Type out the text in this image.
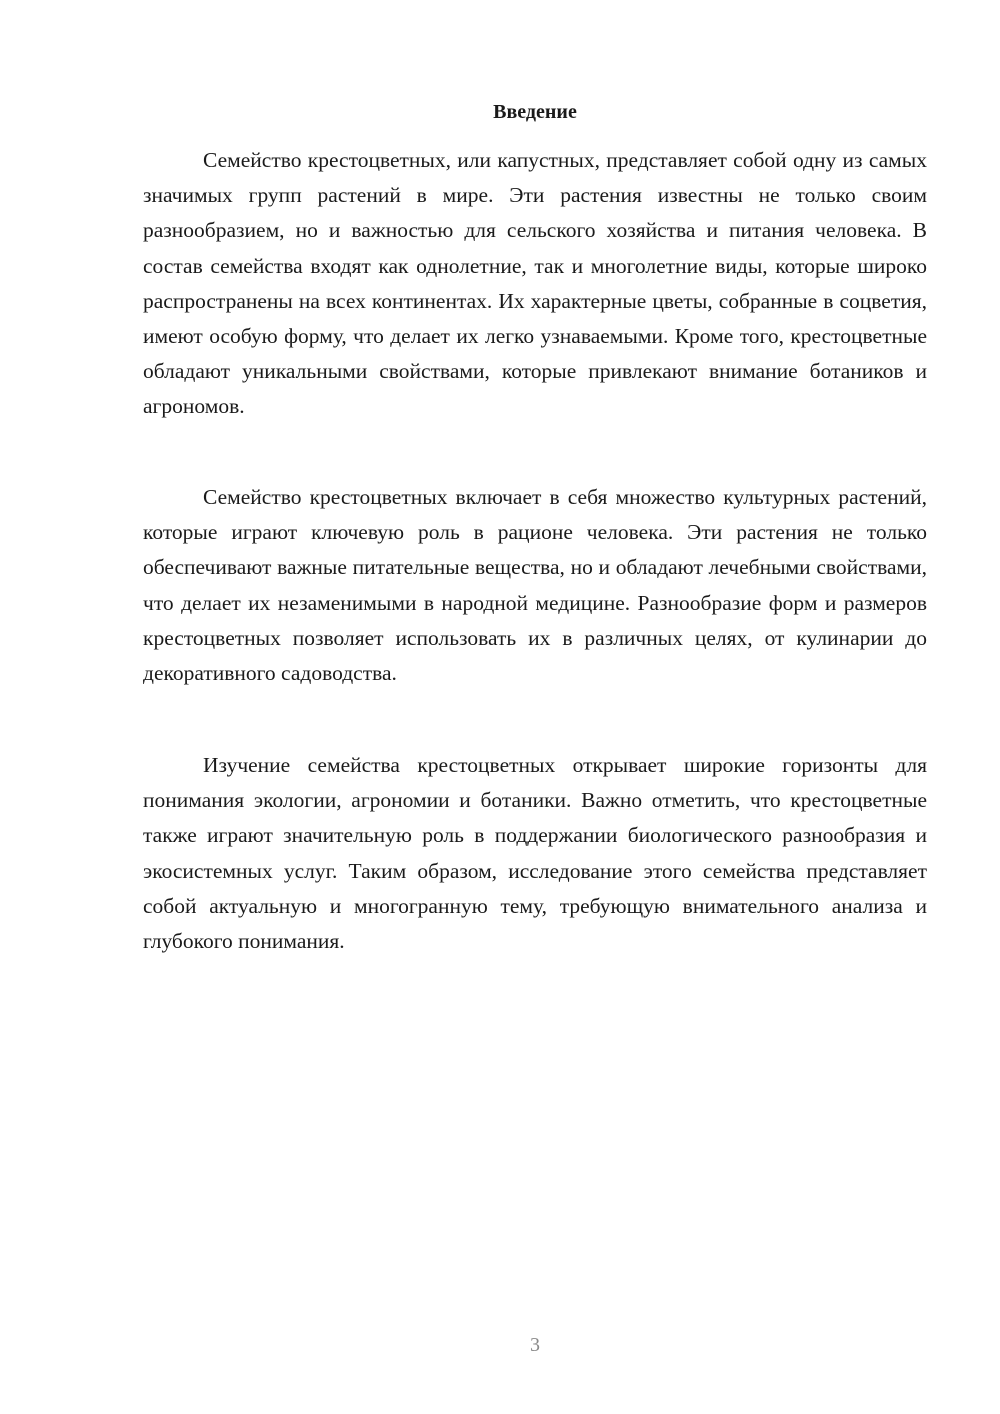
Введение

Семейство крестоцветных, или капустных, представляет собой одну из самых значимых групп растений в мире. Эти растения известны не только своим разнообразием, но и важностью для сельского хозяйства и питания человека. В состав семейства входят как однолетние, так и многолетние виды, которые широко распространены на всех континентах. Их характерные цветы, собранные в соцветия, имеют особую форму, что делает их легко узнаваемыми. Кроме того, крестоцветные обладают уникальными свойствами, которые привлекают внимание ботаников и агрономов.

Семейство крестоцветных включает в себя множество культурных растений, которые играют ключевую роль в рационе человека. Эти растения не только обеспечивают важные питательные вещества, но и обладают лечебными свойствами, что делает их незаменимыми в народной медицине. Разнообразие форм и размеров крестоцветных позволяет использовать их в различных целях, от кулинарии до декоративного садоводства.

Изучение семейства крестоцветных открывает широкие горизонты для понимания экологии, агрономии и ботаники. Важно отметить, что крестоцветные также играют значительную роль в поддержании биологического разнообразия и экосистемных услуг. Таким образом, исследование этого семейства представляет собой актуальную и многогранную тему, требующую внимательного анализа и глубокого понимания.

3
